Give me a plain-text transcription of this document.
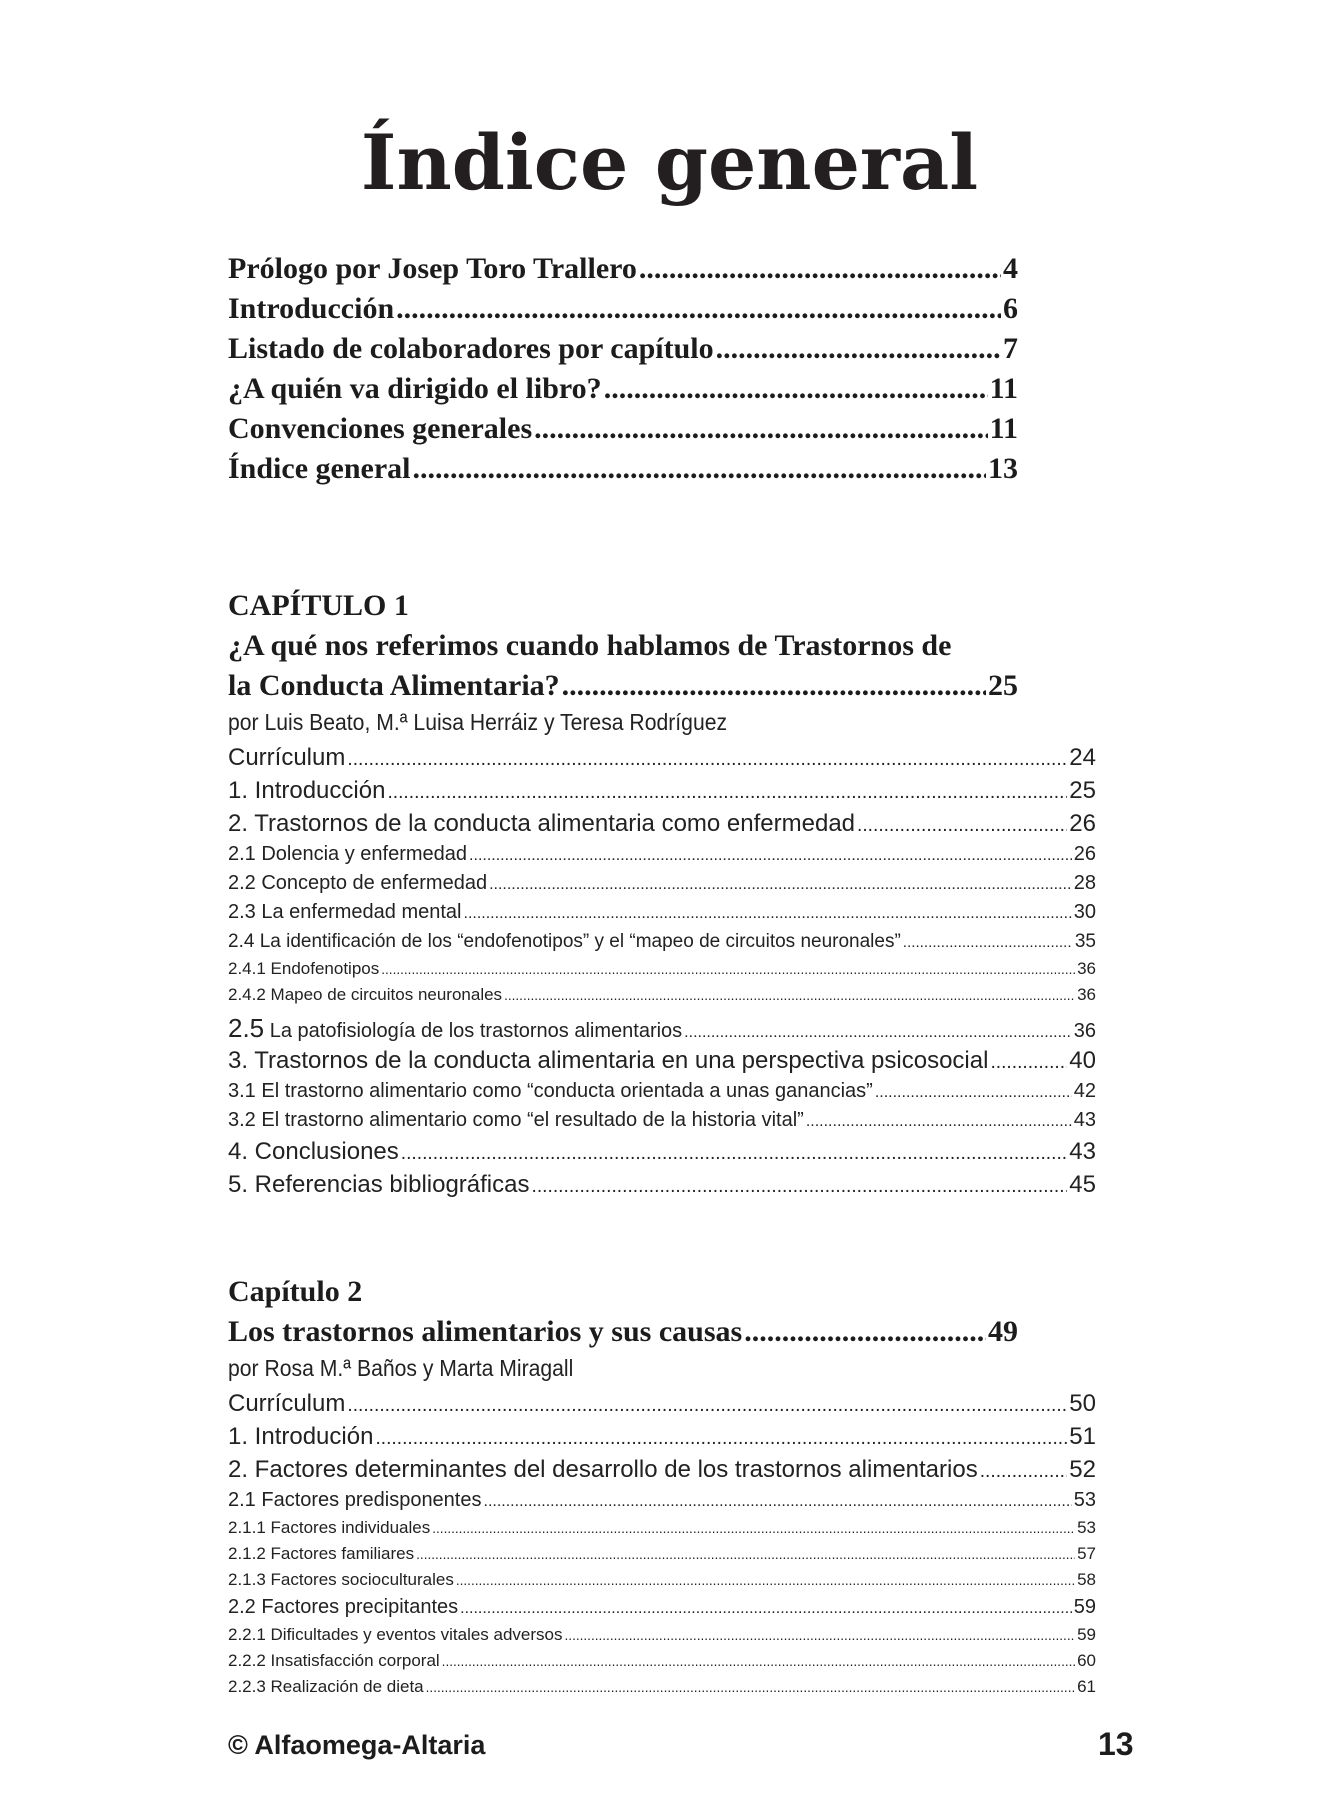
Índice general
Prólogo por Josep Toro Trallero .....	4
Introducción .....	6
Listado de colaboradores por capítulo .....	7
¿A quién va dirigido el libro? .....	11
Convenciones generales .....	11
Índice general .....	13
CAPÍTULO 1
¿A qué nos referimos cuando hablamos de Trastornos de
la Conducta Alimentaria? .....	25
por Luis Beato, M.ª Luisa Herráiz y Teresa Rodríguez
Currículum .....	24
1. Introducción .....	25
2. Trastornos de la conducta alimentaria como enfermedad .....	26
2.1 Dolencia y enfermedad .....	26
2.2 Concepto de enfermedad .....	28
2.3 La enfermedad mental .....	30
2.4 La identificación de los “endofenotipos” y el “mapeo de circuitos neuronales” .....	35
2.4.1 Endofenotipos .....	36
2.4.2 Mapeo de circuitos neuronales .....	36
2.5 La patofisiología de los trastornos alimentarios .....	36
3. Trastornos de la conducta alimentaria en una perspectiva psicosocial .....	40
3.1 El trastorno alimentario como “conducta orientada a unas ganancias” .....	42
3.2 El trastorno alimentario como “el resultado de la historia vital” .....	43
4. Conclusiones .....	43
5. Referencias bibliográficas .....	45
Capítulo 2
Los trastornos alimentarios y sus causas .....	49
por Rosa M.ª Baños y Marta Miragall
Currículum .....	50
1. Introdución .....	51
2. Factores determinantes del desarrollo de los trastornos alimentarios .....	52
2.1 Factores predisponentes .....	53
2.1.1 Factores individuales .....	53
2.1.2 Factores familiares .....	57
2.1.3 Factores socioculturales .....	58
2.2 Factores precipitantes .....	59
2.2.1 Dificultades y eventos vitales adversos .....	59
2.2.2 Insatisfacción corporal .....	60
2.2.3 Realización de dieta .....	61
© Alfaomega-Altaria	13
